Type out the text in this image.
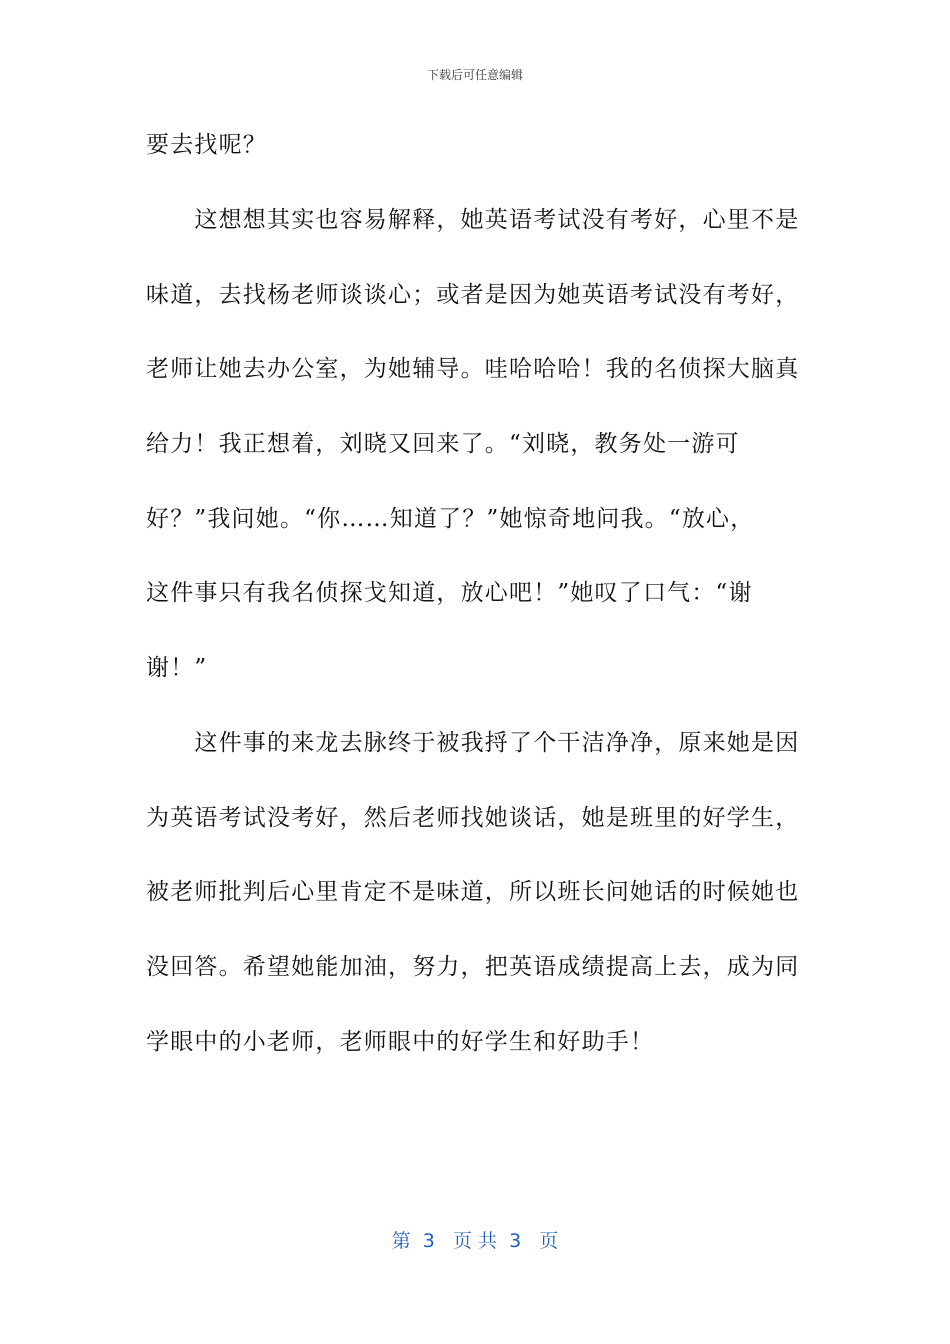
下载后可任意编辑
要去找呢？
　　这想想其实也容易解释，她英语考试没有考好，心里不是
味道，去找杨老师谈谈心；或者是因为她英语考试没有考好，
老师让她去办公室，为她辅导。哇哈哈哈！我的名侦探大脑真
给力！我正想着，刘晓又回来了。“刘晓，教务处一游可
好？”我问她。“你……知道了？”她惊奇地问我。“放心，
这件事只有我名侦探戈知道，放心吧！”她叹了口气：“谢
谢！”
　　这件事的来龙去脉终于被我捋了个干洁净净，原来她是因
为英语考试没考好，然后老师找她谈话，她是班里的好学生，
被老师批判后心里肯定不是味道，所以班长问她话的时候她也
没回答。希望她能加油，努力，把英语成绩提高上去，成为同
学眼中的小老师，老师眼中的好学生和好助手！
第  3   页 共  3   页
